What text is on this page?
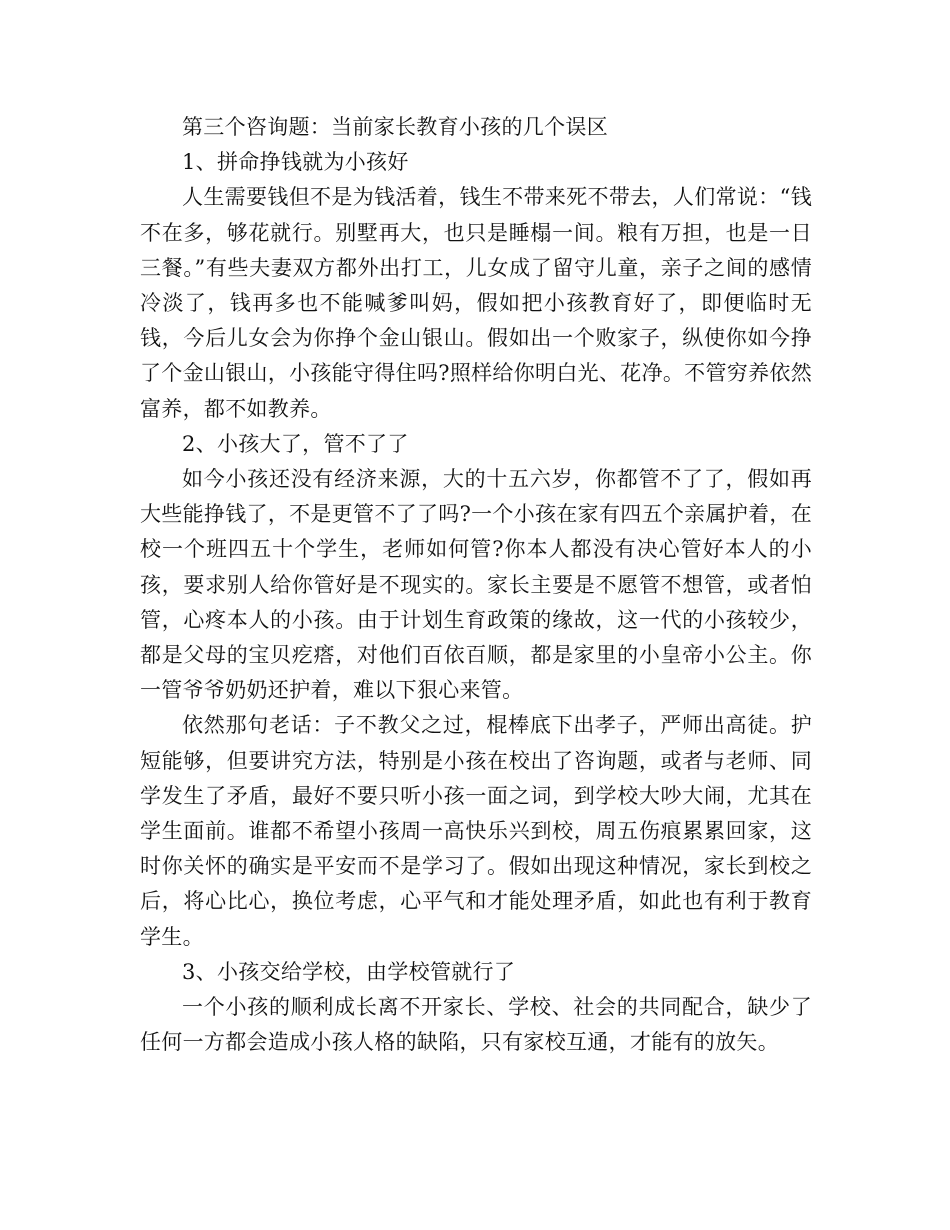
第三个咨询题：当前家长教育小孩的几个误区

1、拼命挣钱就为小孩好

人生需要钱但不是为钱活着，钱生不带来死不带去，人们常说：“钱不在多，够花就行。别墅再大，也只是睡榻一间。粮有万担，也是一日三餐。”有些夫妻双方都外出打工，儿女成了留守儿童，亲子之间的感情冷淡了，钱再多也不能喊爹叫妈，假如把小孩教育好了，即便临时无钱，今后儿女会为你挣个金山银山。假如出一个败家子，纵使你如今挣了个金山银山，小孩能守得住吗?照样给你明白光、花净。不管穷养依然富养，都不如教养。

2、小孩大了，管不了了

如今小孩还没有经济来源，大的十五六岁，你都管不了了，假如再大些能挣钱了，不是更管不了了吗?一个小孩在家有四五个亲属护着，在校一个班四五十个学生，老师如何管?你本人都没有决心管好本人的小孩，要求别人给你管好是不现实的。家长主要是不愿管不想管，或者怕管，心疼本人的小孩。由于计划生育政策的缘故，这一代的小孩较少，都是父母的宝贝疙瘩，对他们百依百顺，都是家里的小皇帝小公主。你一管爷爷奶奶还护着，难以下狠心来管。

依然那句老话：子不教父之过，棍棒底下出孝子，严师出高徒。护短能够，但要讲究方法，特别是小孩在校出了咨询题，或者与老师、同学发生了矛盾，最好不要只听小孩一面之词，到学校大吵大闹，尤其在学生面前。谁都不希望小孩周一高快乐兴到校，周五伤痕累累回家，这时你关怀的确实是平安而不是学习了。假如出现这种情况，家长到校之后，将心比心，换位考虑，心平气和才能处理矛盾，如此也有利于教育学生。

3、小孩交给学校，由学校管就行了

一个小孩的顺利成长离不开家长、学校、社会的共同配合，缺少了任何一方都会造成小孩人格的缺陷，只有家校互通，才能有的放矢。
